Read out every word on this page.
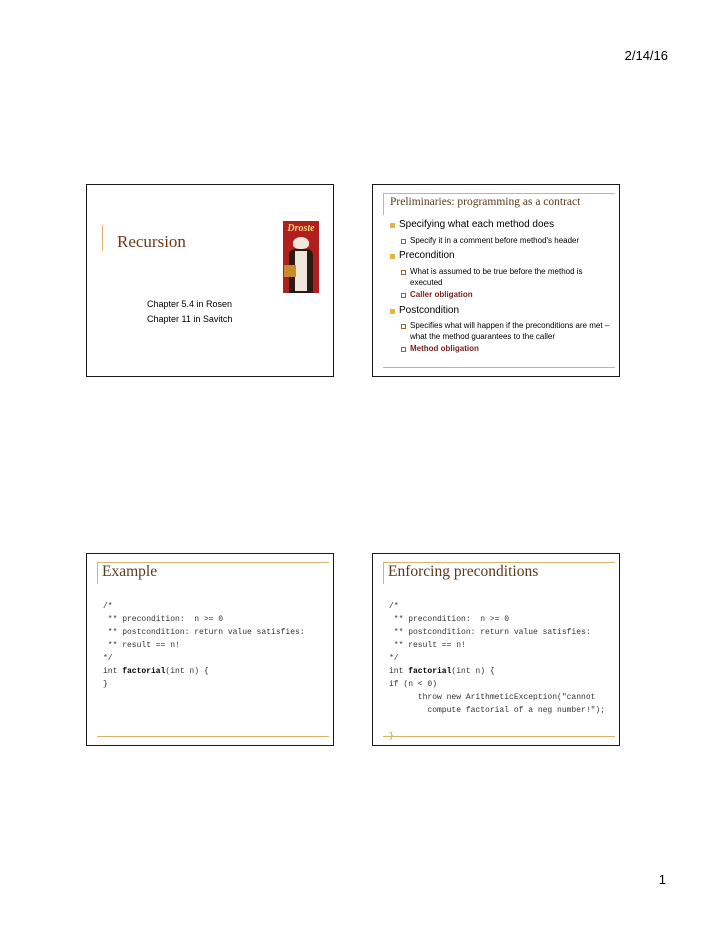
2/14/16
Recursion
Droste
Chapter 5.4 in Rosen
Chapter 11 in Savitch
Preliminaries: programming as a contract
Specifying what each method does
Specify it in a comment before method's header
Precondition
What is assumed to be true before the method is executed
Caller obligation
Postcondition
Specifies what will happen if the preconditions are met – what the method guarantees to the caller
Method obligation
Example
/*
** precondition:  n >= 0
** postcondition: return value satisfies:
** result == n!
*/
int factorial(int n) {
}
Enforcing preconditions
/*
** precondition:  n >= 0
** postcondition: return value satisfies:
** result == n!
*/
int factorial(int n) {
if (n < 0)
throw new ArithmeticException("cannot
compute factorial of a neg number!");

1
